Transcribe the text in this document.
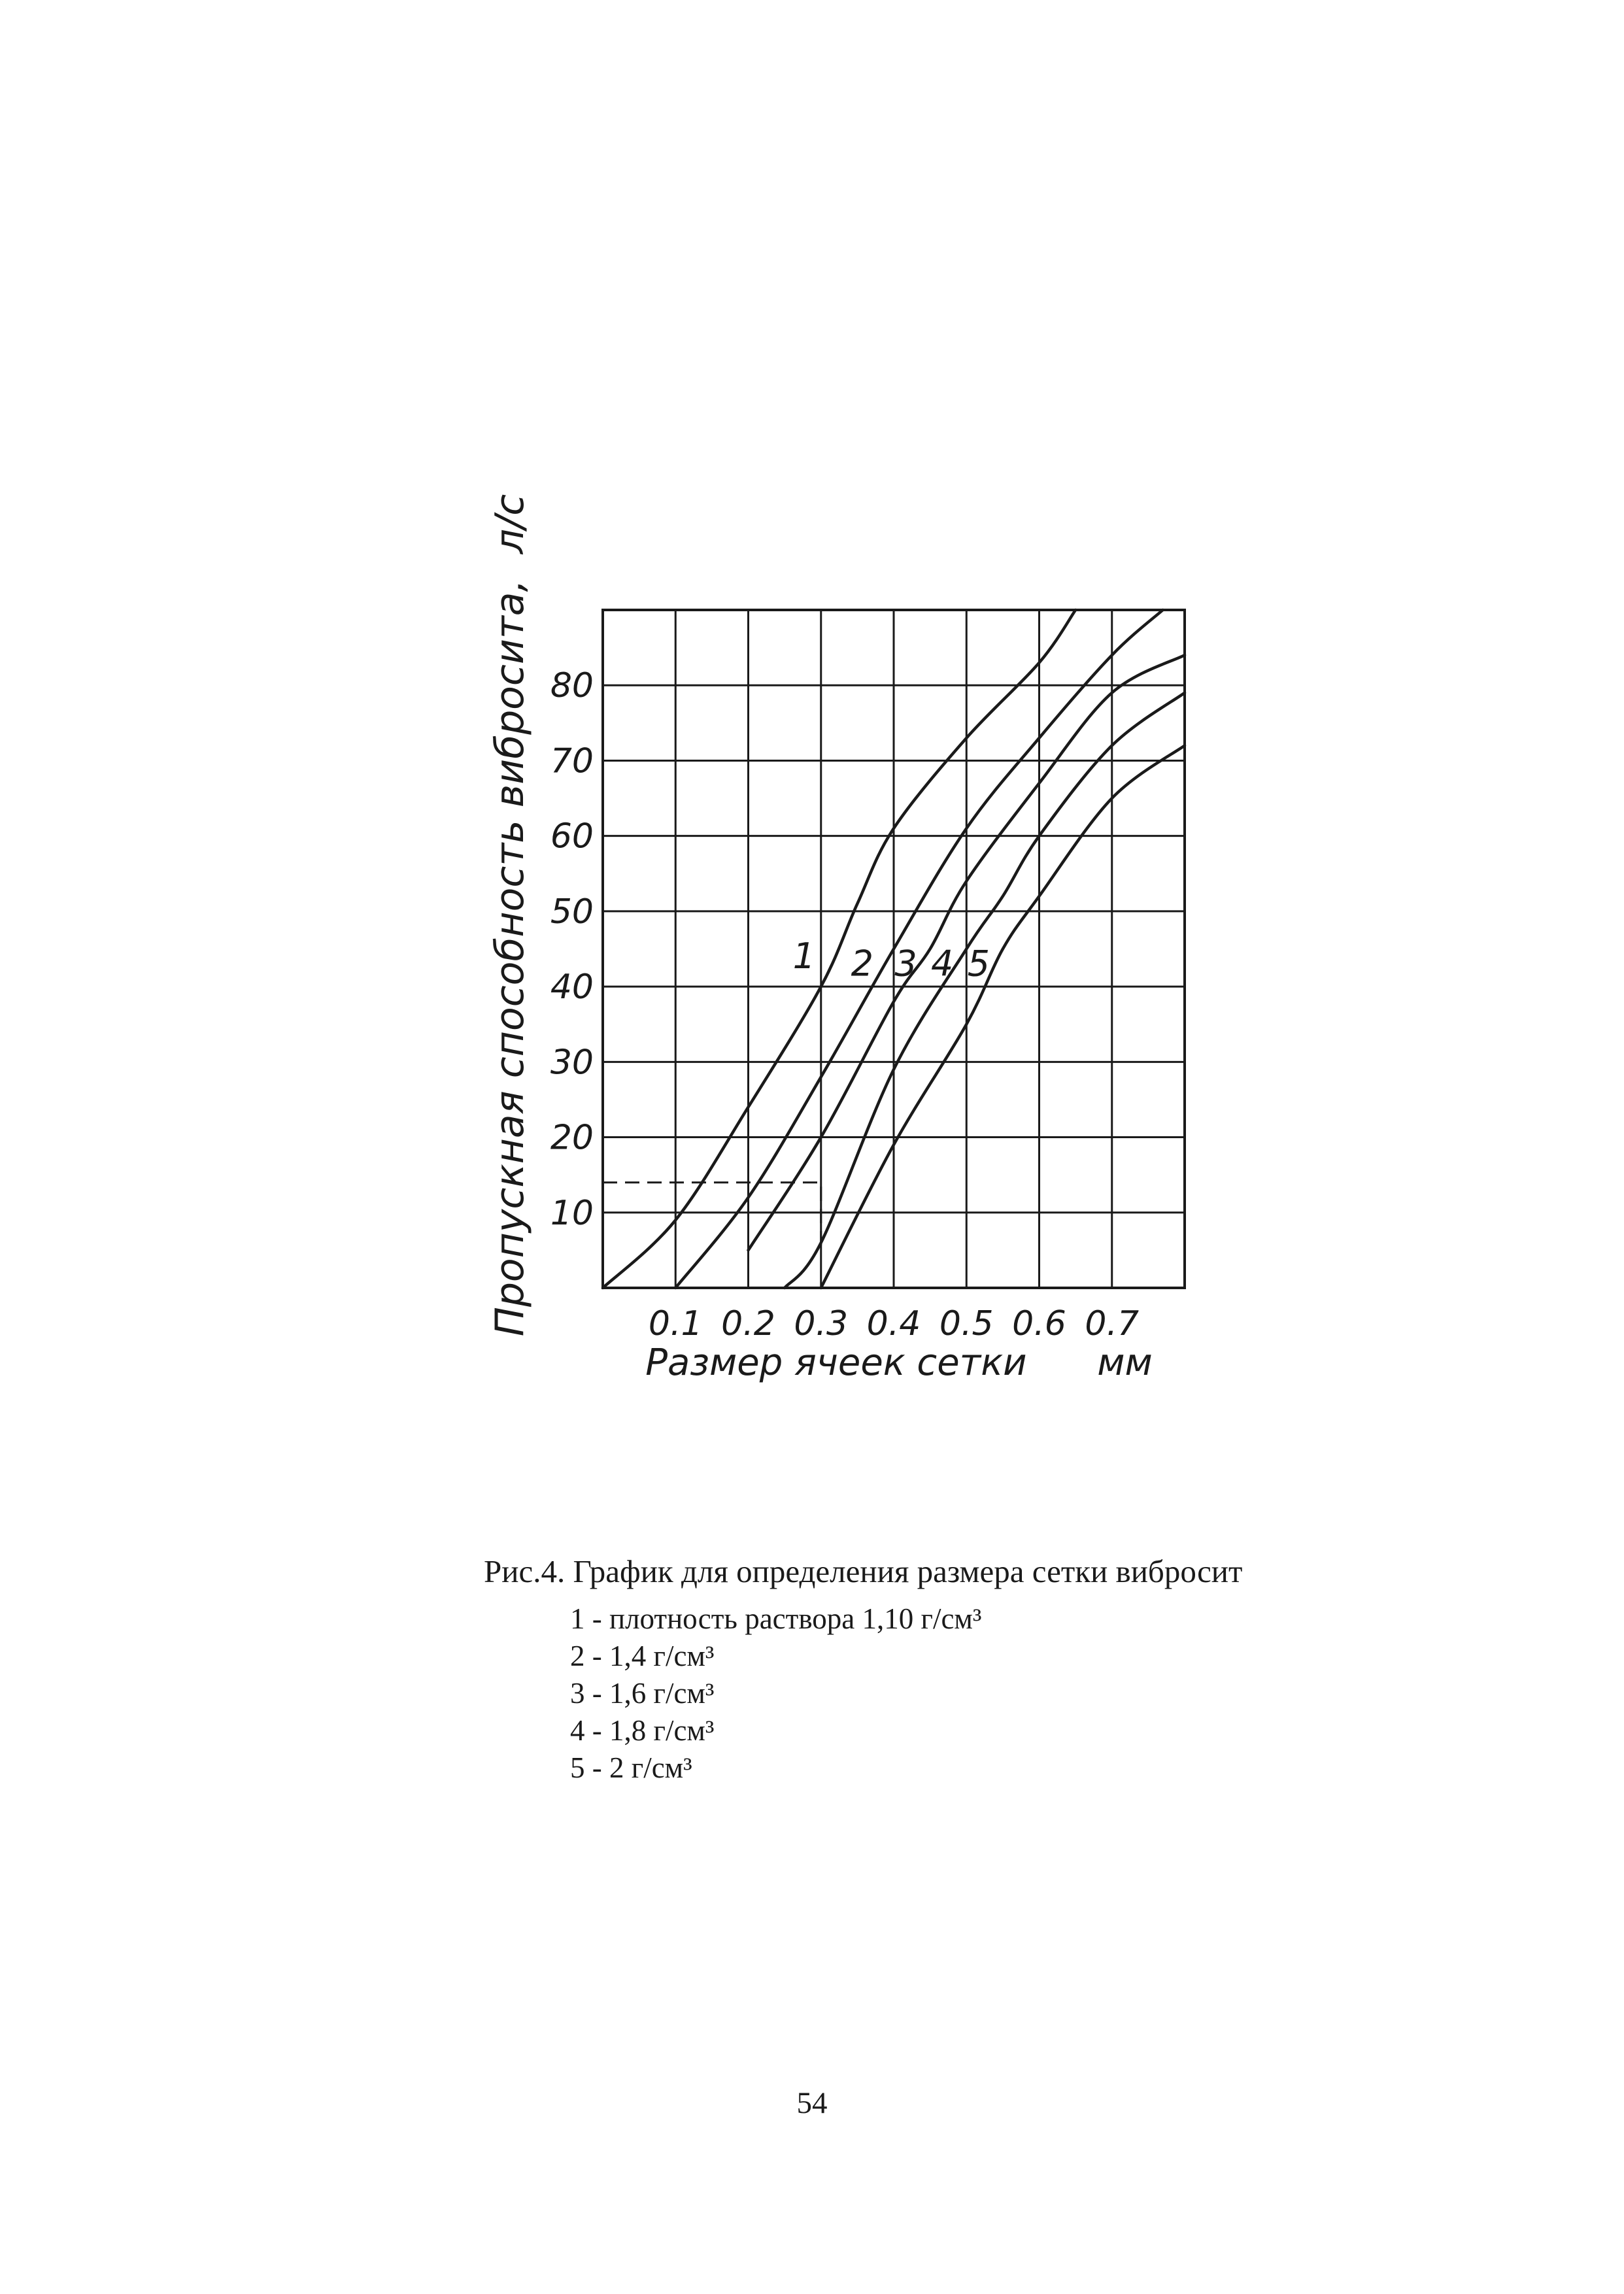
1 2 3 4 5
0.1 0.2 0.3 0.4 0.5 0.6 0.7
10
20
30
40
50
60
70
80
Пропускная способность вибросита, л/с
Размер ячеек сетки мм
Рис.4. График для определения размера сетки вибросит
1 - плотность раствора 1,10 г/см³
2 - 1,4 г/см³
3 - 1,6 г/см³
4 - 1,8 г/см³
5 - 2 г/см³
54
